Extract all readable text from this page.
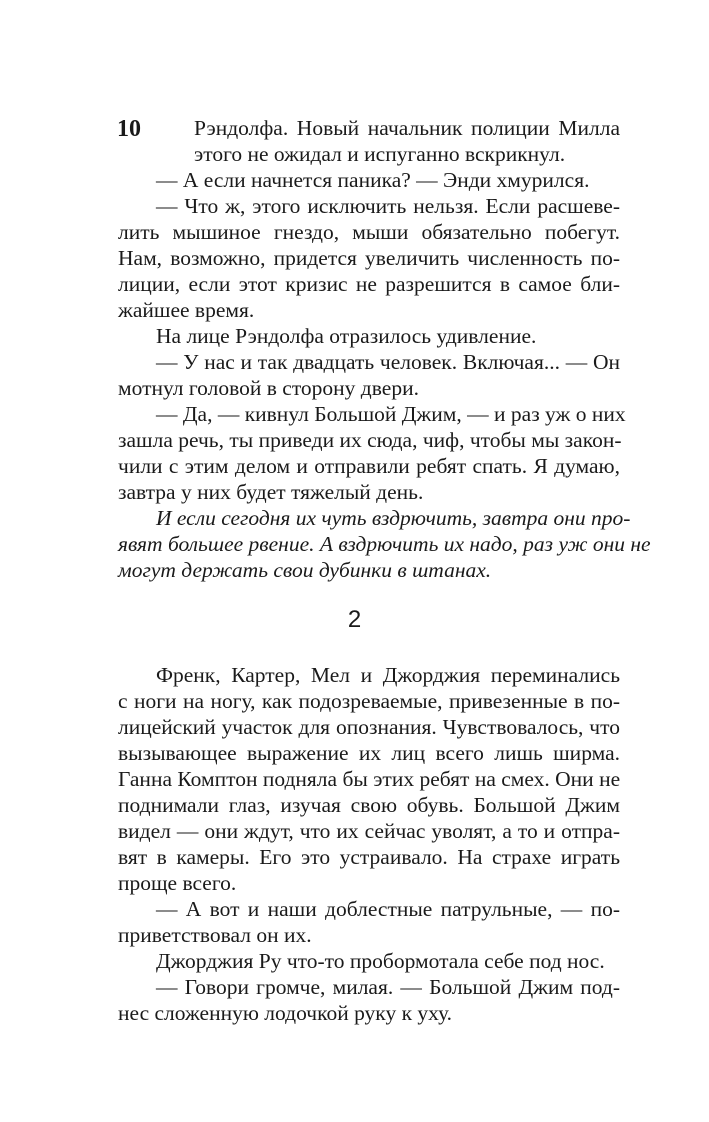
10 Рэндолфа. Новый начальник полиции Милла
этого не ожидал и испуганно вскрикнул.
— А если начнется паника? — Энди хмурился.
— Что ж, этого исключить нельзя. Если расшеве-
лить мышиное гнездо, мыши обязательно побегут.
Нам, возможно, придется увеличить численность по-
лиции, если этот кризис не разрешится в самое бли-
жайшее время.
На лице Рэндолфа отразилось удивление.
— У нас и так двадцать человек. Включая... — Он
мотнул головой в сторону двери.
— Да, — кивнул Большой Джим, — и раз уж о них
зашла речь, ты приведи их сюда, чиф, чтобы мы закон-
чили с этим делом и отправили ребят спать. Я думаю,
завтра у них будет тяжелый день.
И если сегодня их чуть вздрючить, завтра они про-
явят большее рвение. А вздрючить их надо, раз уж они не
могут держать свои дубинки в штанах.
2
Френк, Картер, Мел и Джорджия переминались
с ноги на ногу, как подозреваемые, привезенные в по-
лицейский участок для опознания. Чувствовалось, что
вызывающее выражение их лиц всего лишь ширма.
Ганна Комптон подняла бы этих ребят на смех. Они не
поднимали глаз, изучая свою обувь. Большой Джим
видел — они ждут, что их сейчас уволят, а то и отпра-
вят в камеры. Его это устраивало. На страхе играть
проще всего.
— А вот и наши доблестные патрульные, — по-
приветствовал он их.
Джорджия Ру что-то пробормотала себе под нос.
— Говори громче, милая. — Большой Джим под-
нес сложенную лодочкой руку к уху.
